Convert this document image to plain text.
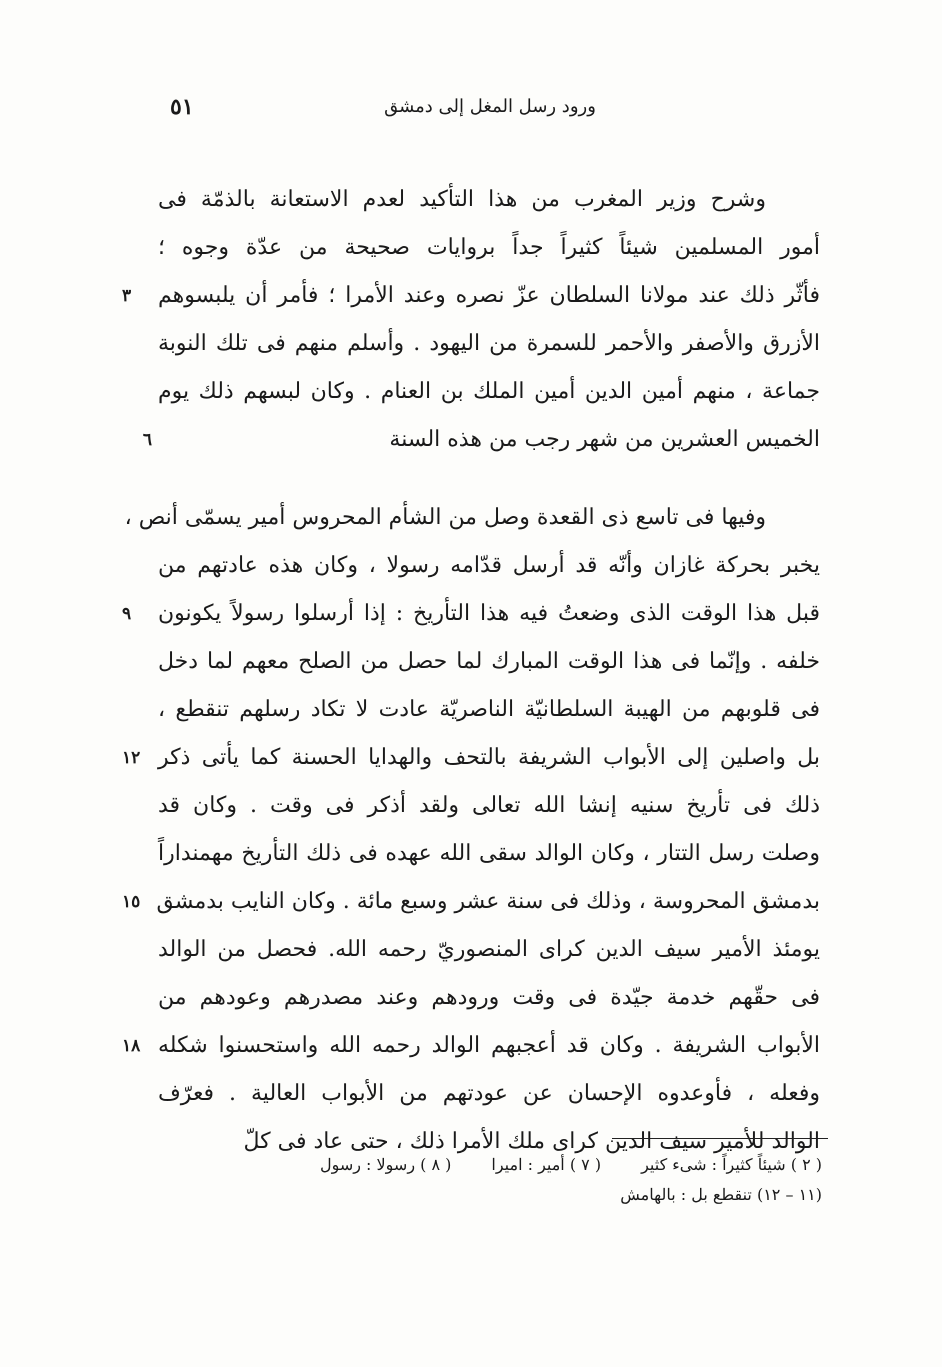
٥١	ورود رسل المغل إلى دمشق
وشرح وزير المغرب من هذا التأكيد لعدم الاستعانة بالذمّة فى
أمور المسلمين شيئاً كثيراً جداً بروايات صحيحة من عدّة وجوه ؛
فأثّر ذلك عند مولانا السلطان عزّ نصره وعند الأمرا ؛ فأمر أن يلبسوهم
٣
الأزرق والأصفر والأحمر للسمرة من اليهود . وأسلم منهم فى تلك النوبة
جماعة ، منهم أمين الدين أمين الملك بن العنام . وكان لبسهم ذلك يوم
الخميس العشرين من شهر رجب من هذه السنة
٦
وفيها فى تاسع ذى القعدة وصل من الشأم المحروس أمير يسمّى أنص ،
يخبر بحركة غازان وأنّه قد أرسل قدّامه رسولا ، وكان هذه عادتهم من
قبل هذا الوقت الذى وضعتُ فيه هذا التأريخ : إذا أرسلوا رسولاً يكونون
٩
خلفه . وإنّما فى هذا الوقت المبارك لما حصل من الصلح معهم لما دخل
فى قلوبهم من الهيبة السلطانيّة الناصريّة عادت لا تكاد رسلهم تنقطع ،
بل واصلين إلى الأبواب الشريفة بالتحف والهدايا الحسنة كما يأتى ذكر
١٢
ذلك فى تأريخ سنيه إنشا الله تعالى ولقد أذكر فى وقت . وكان قد
وصلت رسل التتار ، وكان الوالد سقى الله عهده فى ذلك التأريخ مهمنداراً
بدمشق المحروسة ، وذلك فى سنة عشر وسبع مائة . وكان النايب بدمشق
١٥
يومئذ الأمير سيف الدين كراى المنصوريّ رحمه الله. فحصل من الوالد
فى حقّهم خدمة جيّدة فى وقت ورودهم وعند مصدرهم وعودهم من
الأبواب الشريفة . وكان قد أعجبهم الوالد رحمه الله واستحسنوا شكله
١٨
وفعله ، فأوعدوه الإحسان عن عودتهم من الأبواب العالية . فعرّف
الوالد للأمير سيف الدين كراى ملك الأمرا ذلك ، حتى عاد فى كلّ
( ٢ ) شيئاً كثيراً : شى‌ء كثير( ٧ ) أمير : اميرا( ٨ ) رسولا : رسول
(١١ – ١٢) تنقطع بل : بالهامش
